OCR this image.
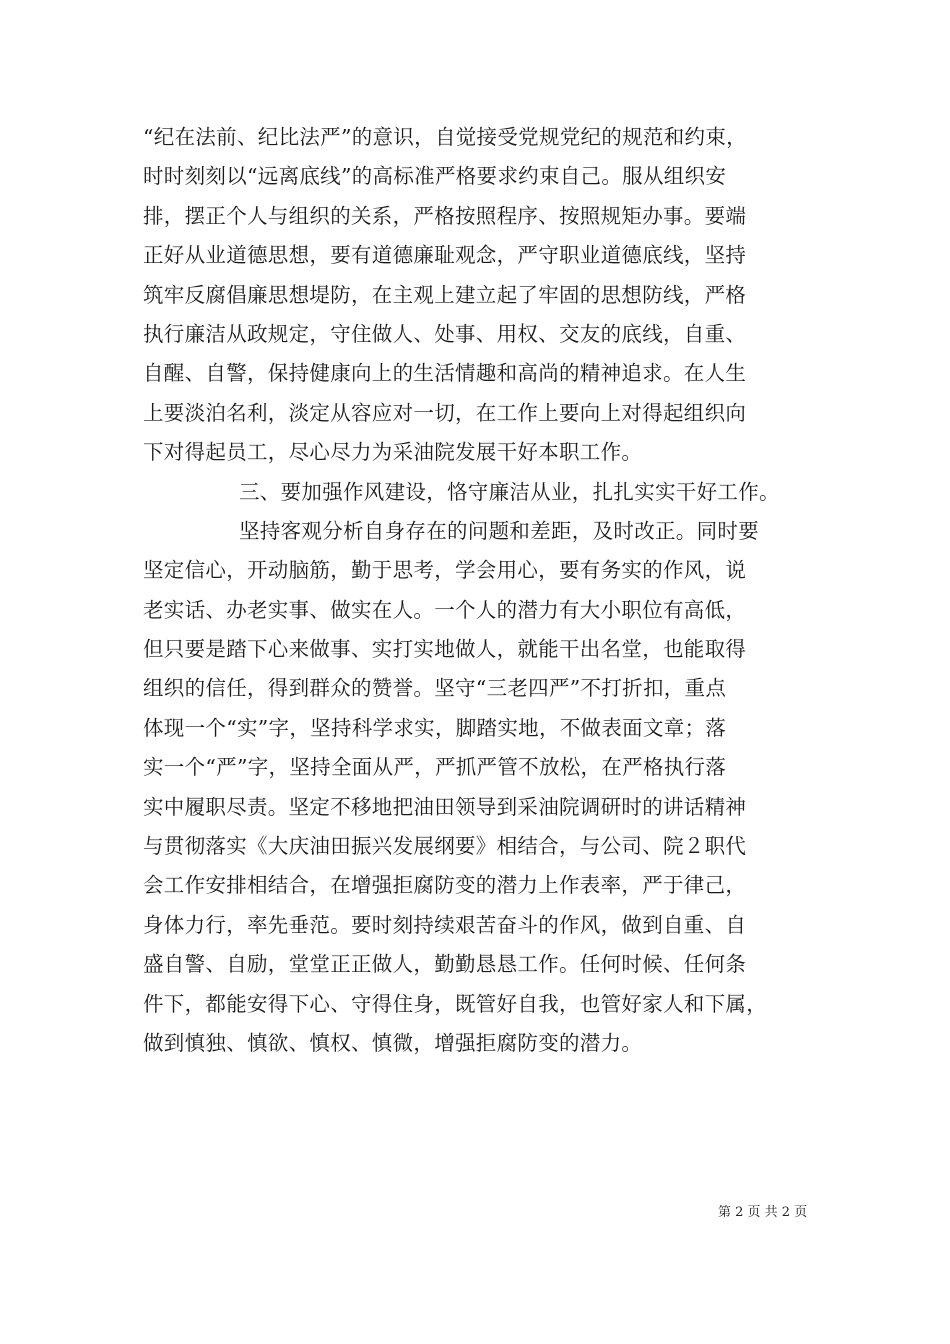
“纪在法前、纪比法严”的意识，自觉接受党规党纪的规范和约束，
时时刻刻以“远离底线”的高标准严格要求约束自己。服从组织安
排，摆正个人与组织的关系，严格按照程序、按照规矩办事。要端
正好从业道德思想，要有道德廉耻观念，严守职业道德底线，坚持
筑牢反腐倡廉思想堤防，在主观上建立起了牢固的思想防线，严格
执行廉洁从政规定，守住做人、处事、用权、交友的底线，自重、
自醒、自警，保持健康向上的生活情趣和高尚的精神追求。在人生
上要淡泊名利，淡定从容应对一切，在工作上要向上对得起组织向
下对得起员工，尽心尽力为采油院发展干好本职工作。
三、要加强作风建设，恪守廉洁从业，扎扎实实干好工作。
坚持客观分析自身存在的问题和差距，及时改正。同时要
坚定信心，开动脑筋，勤于思考，学会用心，要有务实的作风，说
老实话、办老实事、做实在人。一个人的潜力有大小职位有高低，
但只要是踏下心来做事、实打实地做人，就能干出名堂，也能取得
组织的信任，得到群众的赞誉。坚守“三老四严”不打折扣，重点
体现一个“实”字，坚持科学求实，脚踏实地，不做表面文章；落
实一个“严”字，坚持全面从严，严抓严管不放松，在严格执行落
实中履职尽责。坚定不移地把油田领导到采油院调研时的讲话精神
与贯彻落实《大庆油田振兴发展纲要》相结合，与公司、院２职代
会工作安排相结合，在增强拒腐防变的潜力上作表率，严于律己，
身体力行，率先垂范。要时刻持续艰苦奋斗的作风，做到自重、自
盛自警、自励，堂堂正正做人，勤勤恳恳工作。任何时候、任何条
件下，都能安得下心、守得住身，既管好自我，也管好家人和下属，
做到慎独、慎欲、慎权、慎微，增强拒腐防变的潜力。
第 2 页 共 2 页
